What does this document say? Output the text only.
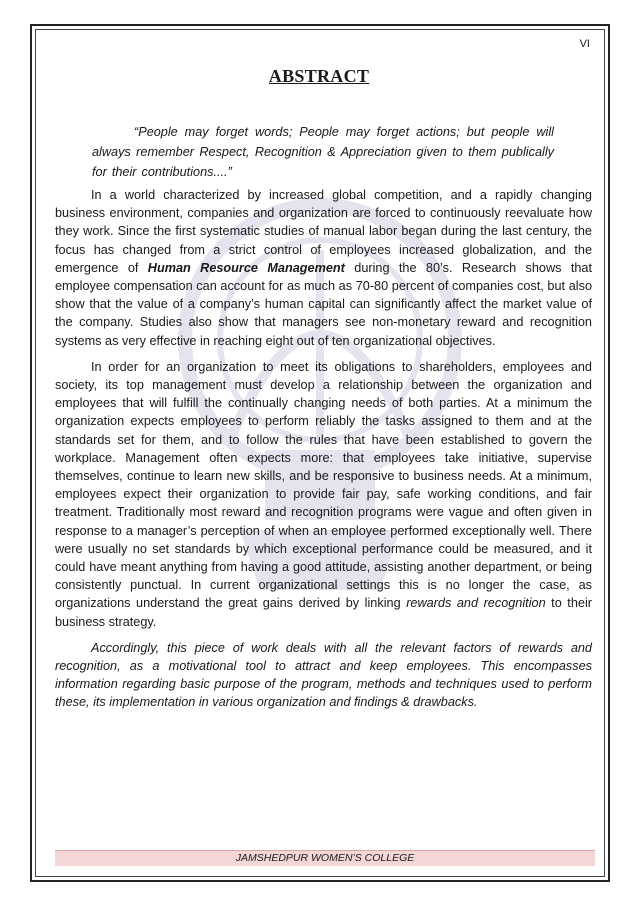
VI
ABSTRACT
“People may forget words; People may forget actions; but people will always remember Respect, Recognition & Appreciation given to them publically for their contributions....”

In a world characterized by increased global competition, and a rapidly changing business environment, companies and organization are forced to continuously reevaluate how they work. Since the first systematic studies of manual labor began during the last century, the focus has changed from a strict control of employees increased globalization, and the emergence of Human Resource Management during the 80’s. Research shows that employee compensation can account for as much as 70-80 percent of companies cost, but also show that the value of a company’s human capital can significantly affect the market value of the company. Studies also show that managers see non-monetary reward and recognition systems as very effective in reaching eight out of ten organizational objectives.

In order for an organization to meet its obligations to shareholders, employees and society, its top management must develop a relationship between the organization and employees that will fulfill the continually changing needs of both parties. At a minimum the organization expects employees to perform reliably the tasks assigned to them and at the standards set for them, and to follow the rules that have been established to govern the workplace. Management often expects more: that employees take initiative, supervise themselves, continue to learn new skills, and be responsive to business needs. At a minimum, employees expect their organization to provide fair pay, safe working conditions, and fair treatment. Traditionally most reward and recognition programs were vague and often given in response to a manager’s perception of when an employee performed exceptionally well. There were usually no set standards by which exceptional performance could be measured, and it could have meant anything from having a good attitude, assisting another department, or being consistently punctual. In current organizational settings this is no longer the case, as organizations understand the great gains derived by linking rewards and recognition to their business strategy.

Accordingly, this piece of work deals with all the relevant factors of rewards and recognition, as a motivational tool to attract and keep employees. This encompasses information regarding basic purpose of the program, methods and techniques used to perform these, its implementation in various organization and findings & drawbacks.

JAMSHEDPUR WOMEN’S COLLEGE
